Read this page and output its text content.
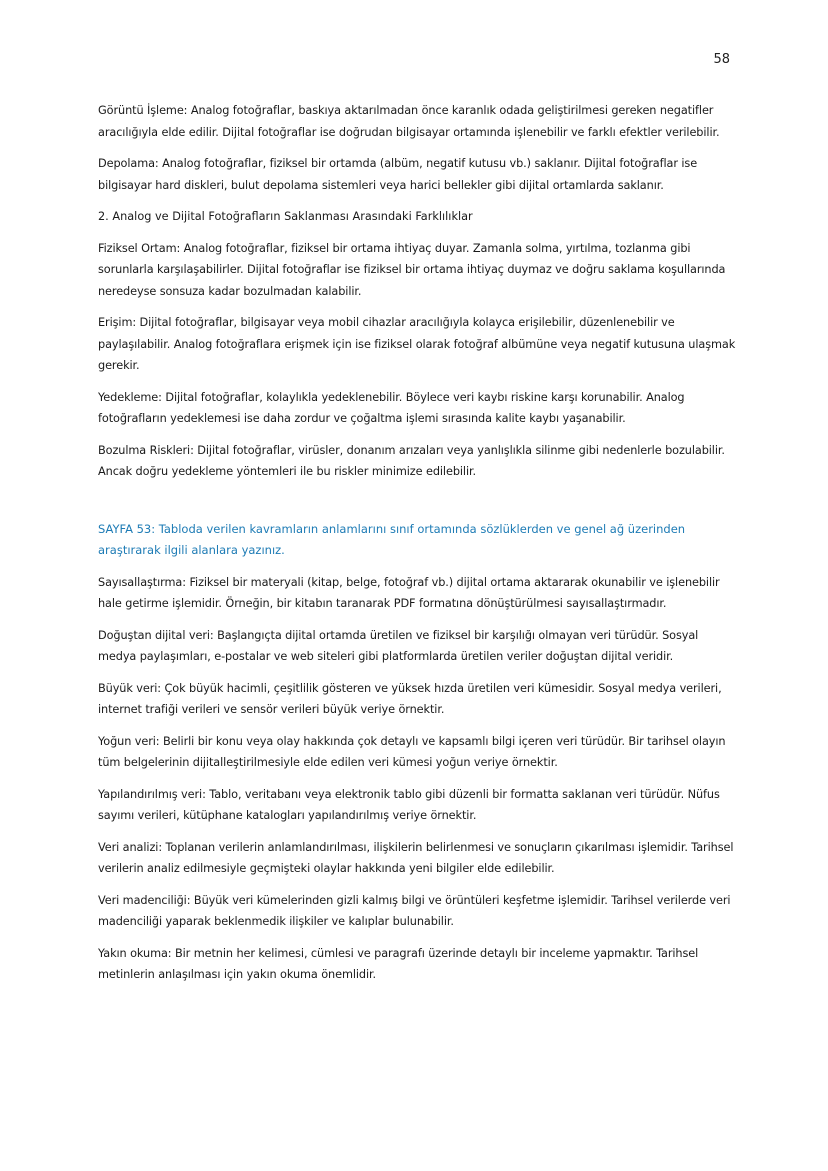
58

Görüntü İşleme: Analog fotoğraflar, baskıya aktarılmadan önce karanlık odada geliştirilmesi gereken negatifler aracılığıyla elde edilir. Dijital fotoğraflar ise doğrudan bilgisayar ortamında işlenebilir ve farklı efektler verilebilir.

Depolama: Analog fotoğraflar, fiziksel bir ortamda (albüm, negatif kutusu vb.) saklanır. Dijital fotoğraflar ise bilgisayar hard diskleri, bulut depolama sistemleri veya harici bellekler gibi dijital ortamlarda saklanır.

2. Analog ve Dijital Fotoğrafların Saklanması Arasındaki Farklılıklar

Fiziksel Ortam: Analog fotoğraflar, fiziksel bir ortama ihtiyaç duyar. Zamanla solma, yırtılma, tozlanma gibi sorunlarla karşılaşabilirler. Dijital fotoğraflar ise fiziksel bir ortama ihtiyaç duymaz ve doğru saklama koşullarında neredeyse sonsuza kadar bozulmadan kalabilir.

Erişim: Dijital fotoğraflar, bilgisayar veya mobil cihazlar aracılığıyla kolayca erişilebilir, düzenlenebilir ve paylaşılabilir. Analog fotoğraflara erişmek için ise fiziksel olarak fotoğraf albümüne veya negatif kutusuna ulaşmak gerekir.

Yedekleme: Dijital fotoğraflar, kolaylıkla yedeklenebilir. Böylece veri kaybı riskine karşı korunabilir. Analog fotoğrafların yedeklemesi ise daha zordur ve çoğaltma işlemi sırasında kalite kaybı yaşanabilir.

Bozulma Riskleri: Dijital fotoğraflar, virüsler, donanım arızaları veya yanlışlıkla silinme gibi nedenlerle bozulabilir. Ancak doğru yedekleme yöntemleri ile bu riskler minimize edilebilir.

SAYFA 53: Tabloda verilen kavramların anlamlarını sınıf ortamında sözlüklerden ve genel ağ üzerinden araştırarak ilgili alanlara yazınız.

Sayısallaştırma: Fiziksel bir materyali (kitap, belge, fotoğraf vb.) dijital ortama aktararak okunabilir ve işlenebilir hale getirme işlemidir. Örneğin, bir kitabın taranarak PDF formatına dönüştürülmesi sayısallaştırmadır.

Doğuştan dijital veri: Başlangıçta dijital ortamda üretilen ve fiziksel bir karşılığı olmayan veri türüdür. Sosyal medya paylaşımları, e-postalar ve web siteleri gibi platformlarda üretilen veriler doğuştan dijital veridir.

Büyük veri: Çok büyük hacimli, çeşitlilik gösteren ve yüksek hızda üretilen veri kümesidir. Sosyal medya verileri, internet trafiği verileri ve sensör verileri büyük veriye örnektir.

Yoğun veri: Belirli bir konu veya olay hakkında çok detaylı ve kapsamlı bilgi içeren veri türüdür. Bir tarihsel olayın tüm belgelerinin dijitalleştirilmesiyle elde edilen veri kümesi yoğun veriye örnektir.

Yapılandırılmış veri: Tablo, veritabanı veya elektronik tablo gibi düzenli bir formatta saklanan veri türüdür. Nüfus sayımı verileri, kütüphane katalogları yapılandırılmış veriye örnektir.

Veri analizi: Toplanan verilerin anlamlandırılması, ilişkilerin belirlenmesi ve sonuçların çıkarılması işlemidir. Tarihsel verilerin analiz edilmesiyle geçmişteki olaylar hakkında yeni bilgiler elde edilebilir.

Veri madenciliği: Büyük veri kümelerinden gizli kalmış bilgi ve örüntüleri keşfetme işlemidir. Tarihsel verilerde veri madenciliği yaparak beklenmedik ilişkiler ve kalıplar bulunabilir.

Yakın okuma: Bir metnin her kelimesi, cümlesi ve paragrafı üzerinde detaylı bir inceleme yapmaktır. Tarihsel metinlerin anlaşılması için yakın okuma önemlidir.
